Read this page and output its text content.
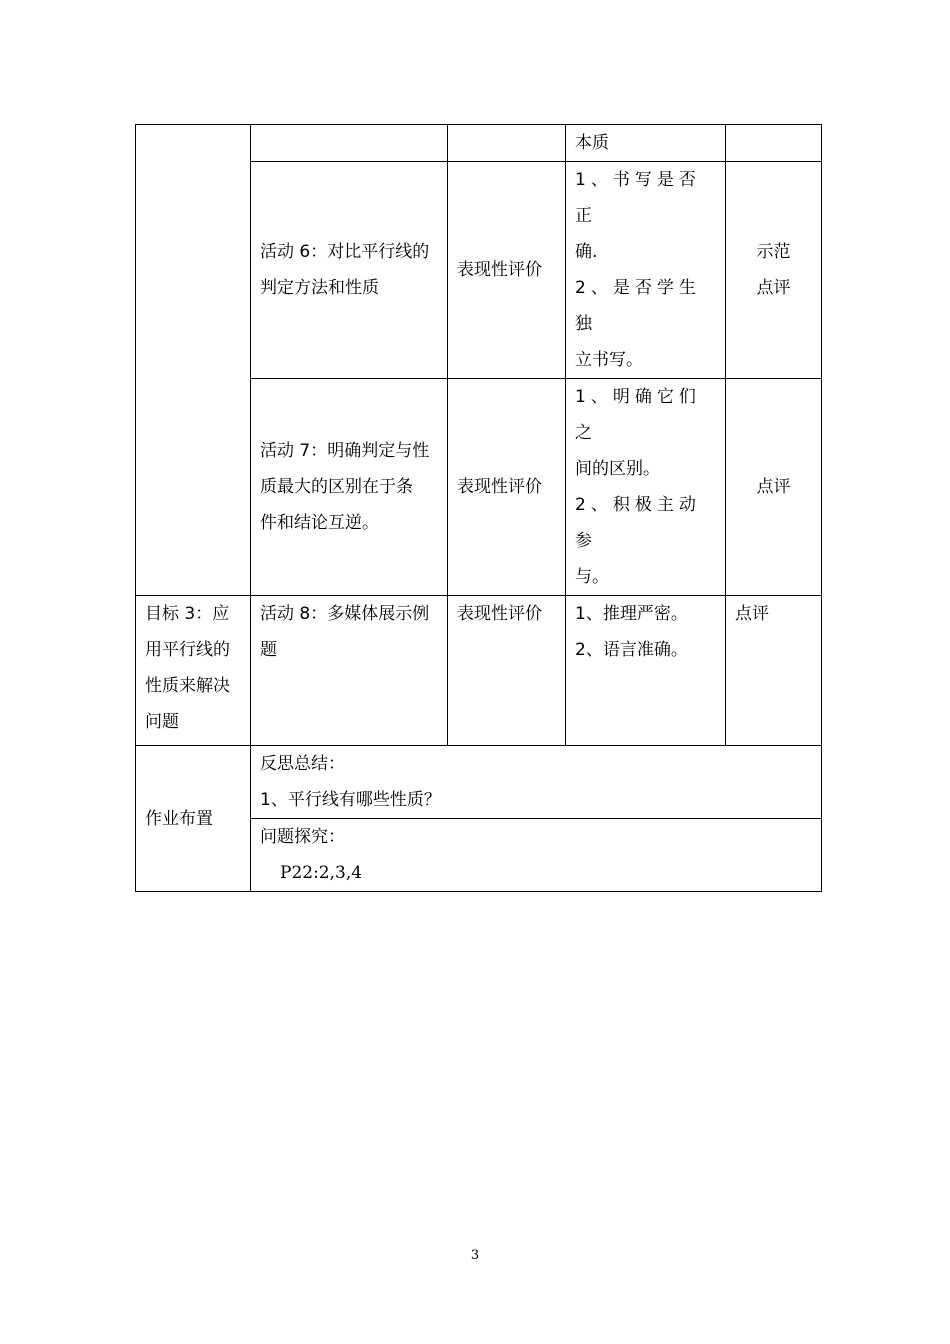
			本质	

	活动 6：对比平行线的
判定方法和性质	表现性评价	1、书写是否正
确.
2、是否学生独
立书写。	示范
点评

	活动 7：明确判定与性
质最大的区别在于条
件和结论互逆。	表现性评价	1、明确它们之
间的区别。
2、积极主动参
与。	点评

目标 3：应
用平行线的
性质来解决
问题	活动 8：多媒体展示例
题	表现性评价	1、推理严密。
2、语言准确。	点评
作业布置	反思总结：
1、平行线有哪些性质？			

	问题探究：
P22:2,3,4			
3
